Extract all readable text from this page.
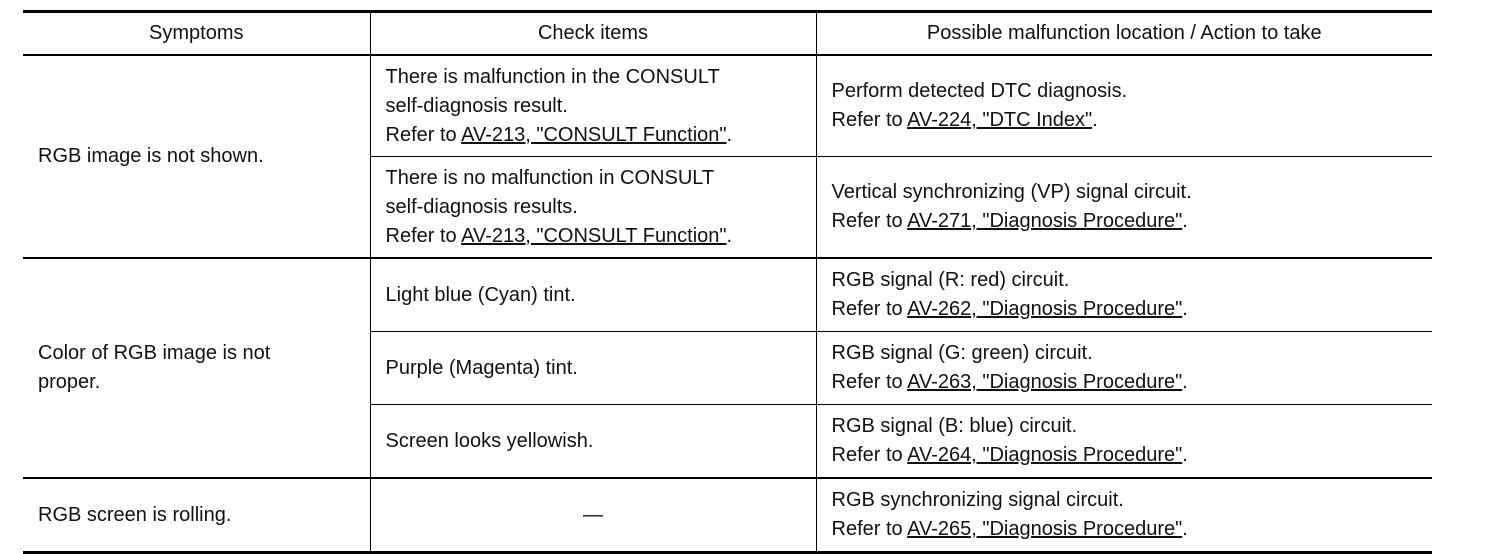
Symptoms	Check items	Possible malfunction location / Action to take
RGB image is not shown.	There is malfunction in the CONSULT
self-diagnosis result.
Refer to AV-213, "CONSULT Function".	Perform detected DTC diagnosis.
Refer to AV-224, "DTC Index".
	There is no malfunction in CONSULT
self-diagnosis results.
Refer to AV-213, "CONSULT Function".	Vertical synchronizing (VP) signal circuit.
Refer to AV-271, "Diagnosis Procedure".
Color of RGB image is not
proper.	Light blue (Cyan) tint.	RGB signal (R: red) circuit.
Refer to AV-262, "Diagnosis Procedure".
	Purple (Magenta) tint.	RGB signal (G: green) circuit.
Refer to AV-263, "Diagnosis Procedure".
	Screen looks yellowish.	RGB signal (B: blue) circuit.
Refer to AV-264, "Diagnosis Procedure".
RGB screen is rolling.	—	RGB synchronizing signal circuit.
Refer to AV-265, "Diagnosis Procedure".
